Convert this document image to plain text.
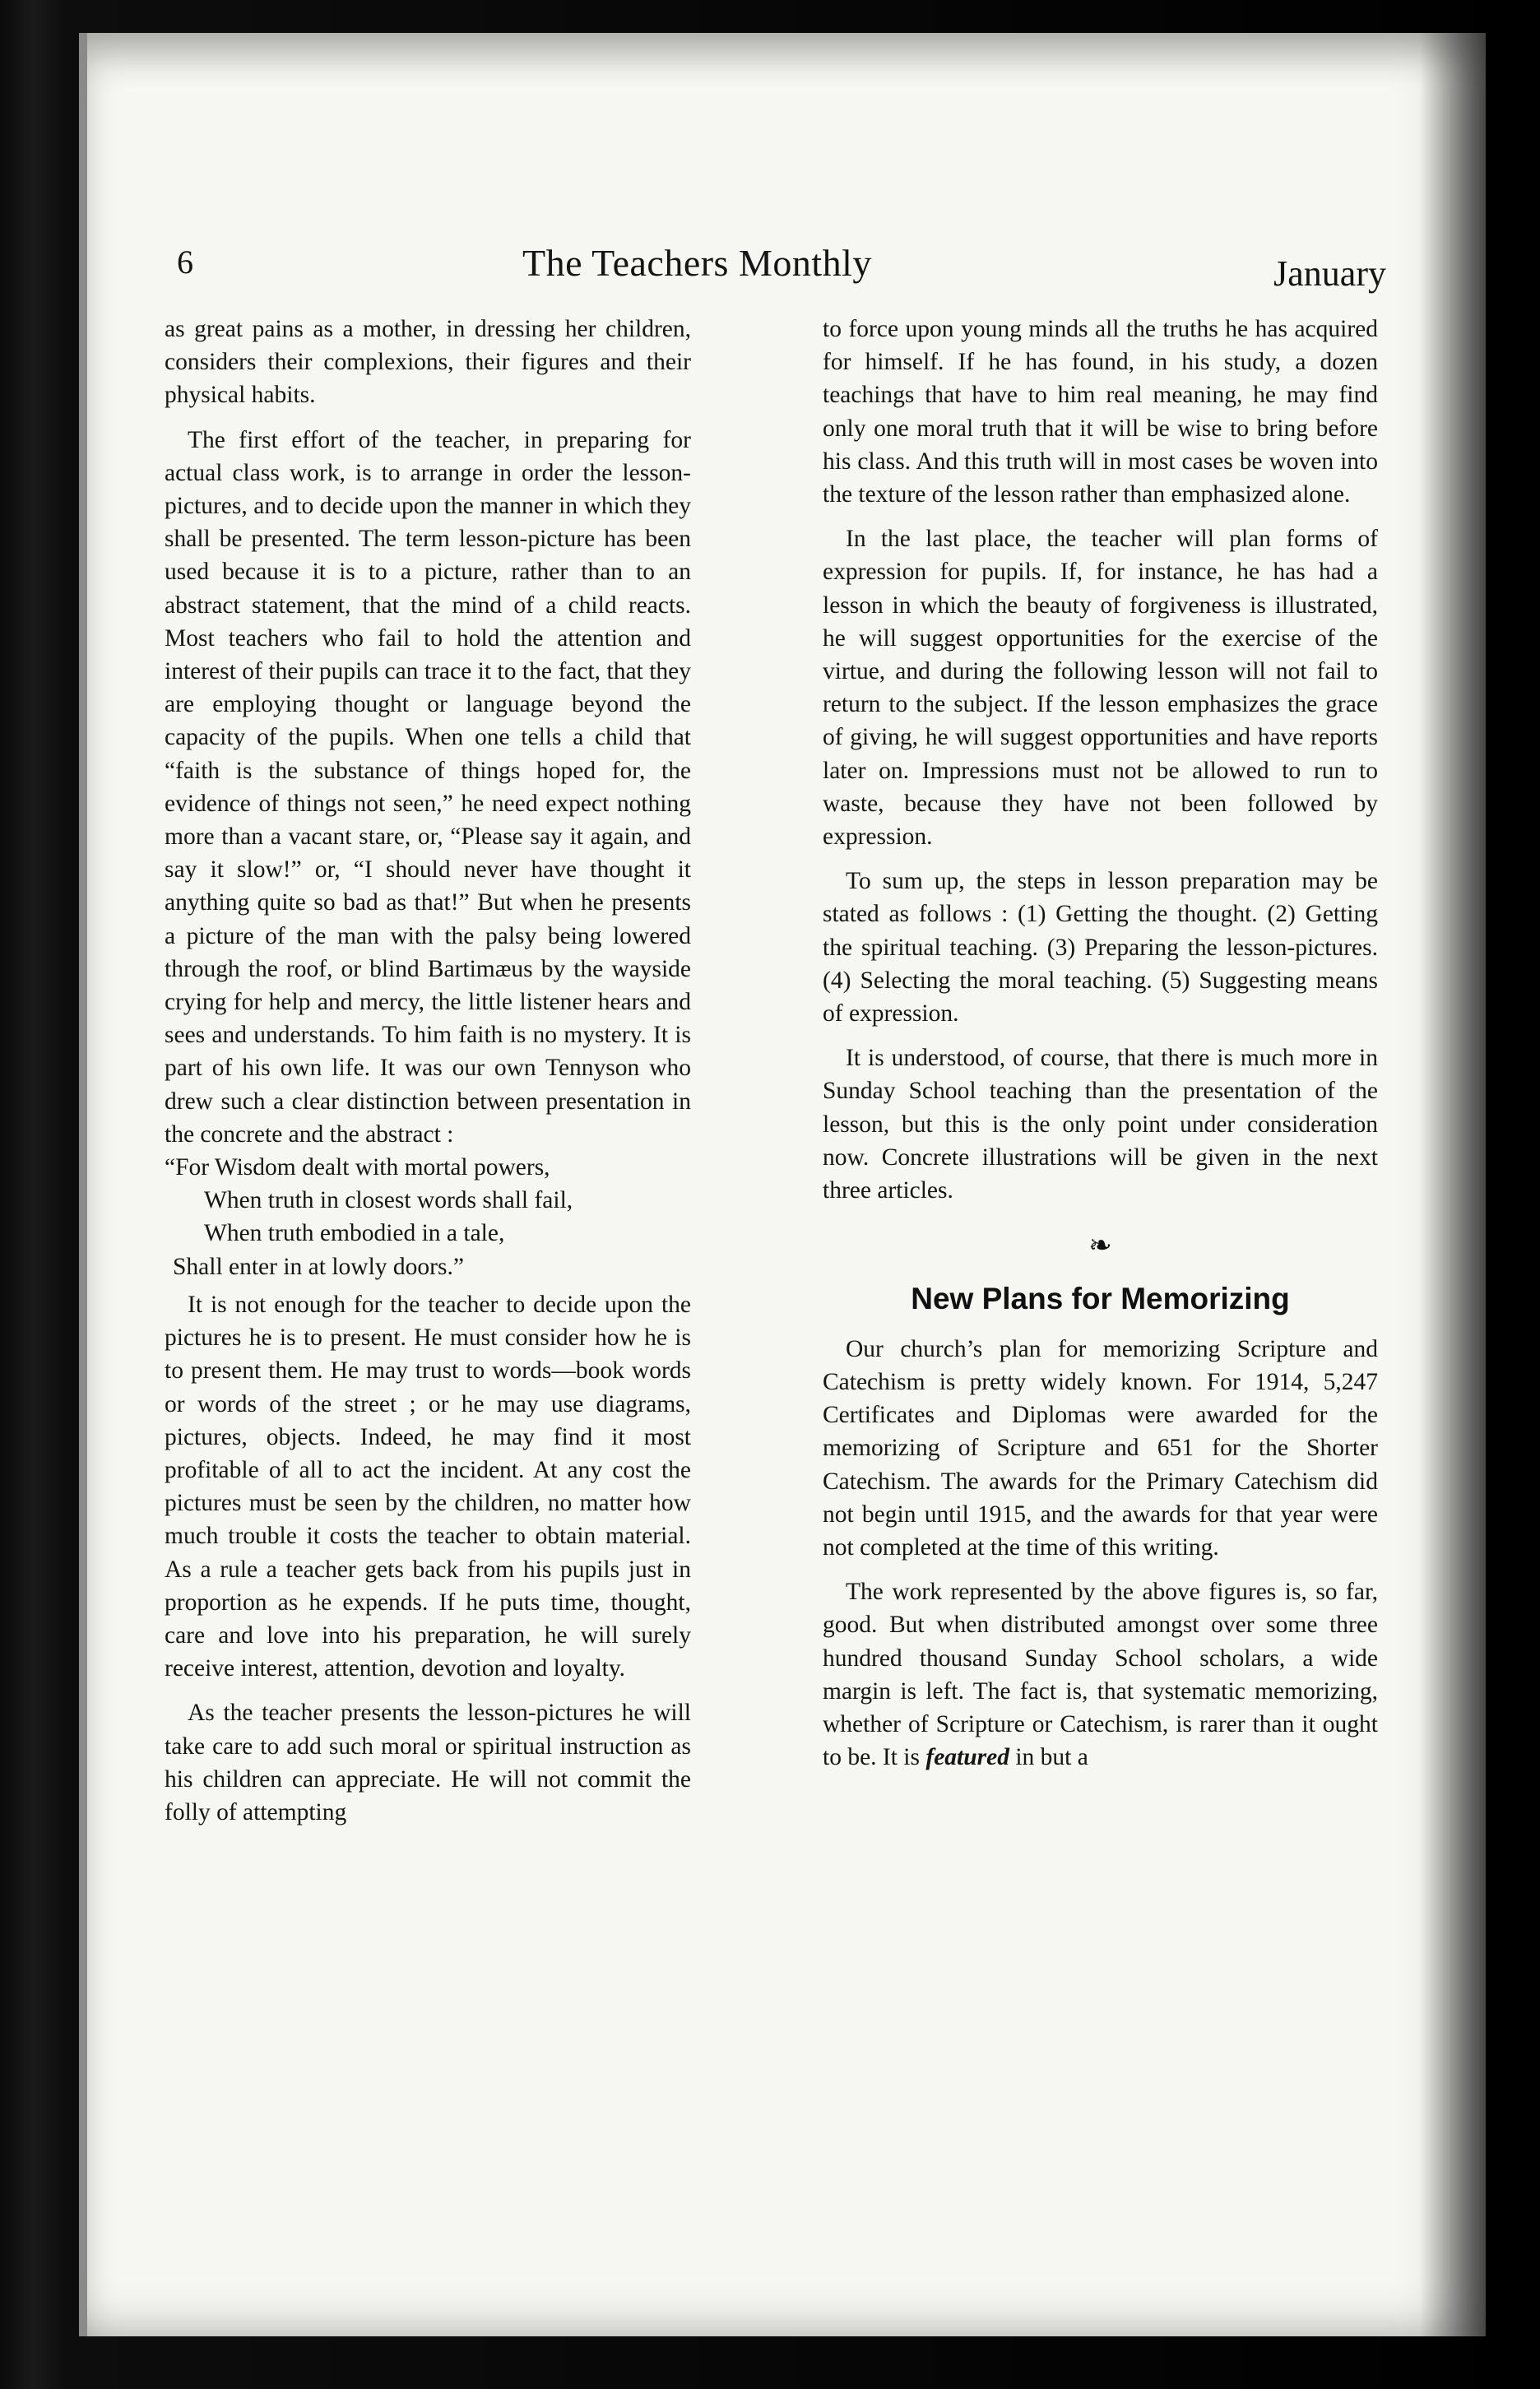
6	The Teachers Monthly	January

as great pains as a mother, in dressing her children, considers their complexions, their figures and their physical habits.

The first effort of the teacher, in preparing for actual class work, is to arrange in order the lesson-pictures, and to decide upon the manner in which they shall be presented. The term lesson-picture has been used because it is to a picture, rather than to an abstract statement, that the mind of a child reacts. Most teachers who fail to hold the attention and interest of their pupils can trace it to the fact, that they are employing thought or language beyond the capacity of the pupils. When one tells a child that “faith is the substance of things hoped for, the evidence of things not seen,” he need expect nothing more than a vacant stare, or, “Please say it again, and say it slow!” or, “I should never have thought it anything quite so bad as that!” But when he presents a picture of the man with the palsy being lowered through the roof, or blind Bartimæus by the wayside crying for help and mercy, the little listener hears and sees and understands. To him faith is no mystery. It is part of his own life. It was our own Tennyson who drew such a clear distinction between presentation in the concrete and the abstract :

“For Wisdom dealt with mortal powers,
When truth in closest words shall fail,
When truth embodied in a tale,
Shall enter in at lowly doors.”

It is not enough for the teacher to decide upon the pictures he is to present. He must consider how he is to present them. He may trust to words—book words or words of the street ; or he may use diagrams, pictures, objects. Indeed, he may find it most profitable of all to act the incident. At any cost the pictures must be seen by the children, no matter how much trouble it costs the teacher to obtain material. As a rule a teacher gets back from his pupils just in proportion as he expends. If he puts time, thought, care and love into his preparation, he will surely receive interest, attention, devotion and loyalty.

As the teacher presents the lesson-pictures he will take care to add such moral or spiritual instruction as his children can appreciate. He will not commit the folly of attempting

to force upon young minds all the truths he has acquired for himself. If he has found, in his study, a dozen teachings that have to him real meaning, he may find only one moral truth that it will be wise to bring before his class. And this truth will in most cases be woven into the texture of the lesson rather than emphasized alone.

In the last place, the teacher will plan forms of expression for pupils. If, for instance, he has had a lesson in which the beauty of forgiveness is illustrated, he will suggest opportunities for the exercise of the virtue, and during the following lesson will not fail to return to the subject. If the lesson emphasizes the grace of giving, he will suggest opportunities and have reports later on. Impressions must not be allowed to run to waste, because they have not been followed by expression.

To sum up, the steps in lesson preparation may be stated as follows : (1) Getting the thought. (2) Getting the spiritual teaching. (3) Preparing the lesson-pictures. (4) Selecting the moral teaching. (5) Suggesting means of expression.

It is understood, of course, that there is much more in Sunday School teaching than the presentation of the lesson, but this is the only point under consideration now. Concrete illustrations will be given in the next three articles.

❧
New Plans for Memorizing

Our church’s plan for memorizing Scripture and Catechism is pretty widely known. For 1914, 5,247 Certificates and Diplomas were awarded for the memorizing of Scripture and 651 for the Shorter Catechism. The awards for the Primary Catechism did not begin until 1915, and the awards for that year were not completed at the time of this writing.

The work represented by the above figures is, so far, good. But when distributed amongst over some three hundred thousand Sunday School scholars, a wide margin is left. The fact is, that systematic memorizing, whether of Scripture or Catechism, is rarer than it ought to be. It is featured in but a
